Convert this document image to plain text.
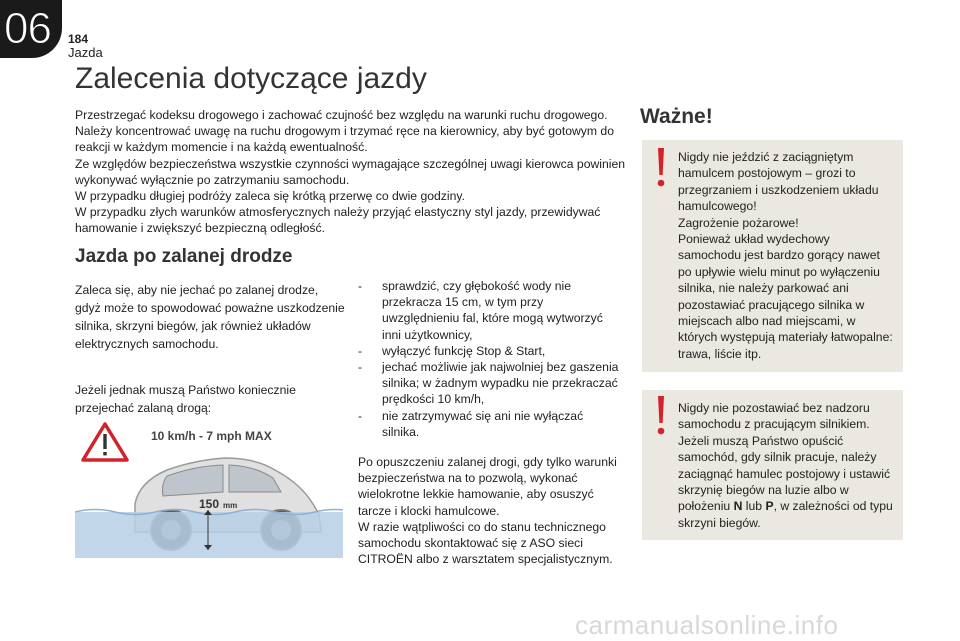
06 184
Jazda
Zalecenia dotyczące jazdy

Przestrzegać kodeksu drogowego i zachować czujność bez względu na warunki ruchu drogowego.

Należy koncentrować uwagę na ruchu drogowym i trzymać ręce na kierownicy, aby być gotowym do reakcji w każdym momencie i na każdą ewentualność.

Ze względów bezpieczeństwa wszystkie czynności wymagające szczególnej uwagi kierowca powinien wykonywać wyłącznie po zatrzymaniu samochodu.

W przypadku długiej podróży zaleca się krótką przerwę co dwie godziny.

W przypadku złych warunków atmosferycznych należy przyjąć elastyczny styl jazdy, przewidywać hamowanie i zwiększyć bezpieczną odległość.

Jazda po zalanej drodze

Zaleca się, aby nie jechać po zalanej drodze, gdyż może to spowodować poważne uszkodzenie silnika, skrzyni biegów, jak również układów elektrycznych samochodu.

Jeżeli jednak muszą Państwo koniecznie przejechać zalaną drogą:

10 km/h - 7 mph MAX
150 mm
- sprawdzić, czy głębokość wody nie przekracza 15 cm, w tym przy uwzględnieniu fal, które mogą wytworzyć inni użytkownicy,
- wyłączyć funkcję Stop & Start,
- jechać możliwie jak najwolniej bez gaszenia silnika; w żadnym wypadku nie przekraczać prędkości 10 km/h,
- nie zatrzymywać się ani nie wyłączać silnika.

Po opuszczeniu zalanej drogi, gdy tylko warunki bezpieczeństwa na to pozwolą, wykonać wielokrotne lekkie hamowanie, aby osuszyć tarcze i klocki hamulcowe.

W razie wątpliwości co do stanu technicznego samochodu skontaktować się z ASO sieci CITROËN albo z warsztatem specjalistycznym.

Ważne!

Nigdy nie jeździć z zaciągniętym hamulcem postojowym – grozi to przegrzaniem i uszkodzeniem układu hamulcowego!

Zagrożenie pożarowe!

Ponieważ układ wydechowy samochodu jest bardzo gorący nawet po upływie wielu minut po wyłączeniu silnika, nie należy parkować ani pozostawiać pracującego silnika w miejscach albo nad miejscami, w których występują materiały łatwopalne: trawa, liście itp.

Nigdy nie pozostawiać bez nadzoru samochodu z pracującym silnikiem. Jeżeli muszą Państwo opuścić samochód, gdy silnik pracuje, należy zaciągnąć hamulec postojowy i ustawić skrzynię biegów na luzie albo w położeniu N lub P, w zależności od typu skrzyni biegów.

carmanualsonline.info
